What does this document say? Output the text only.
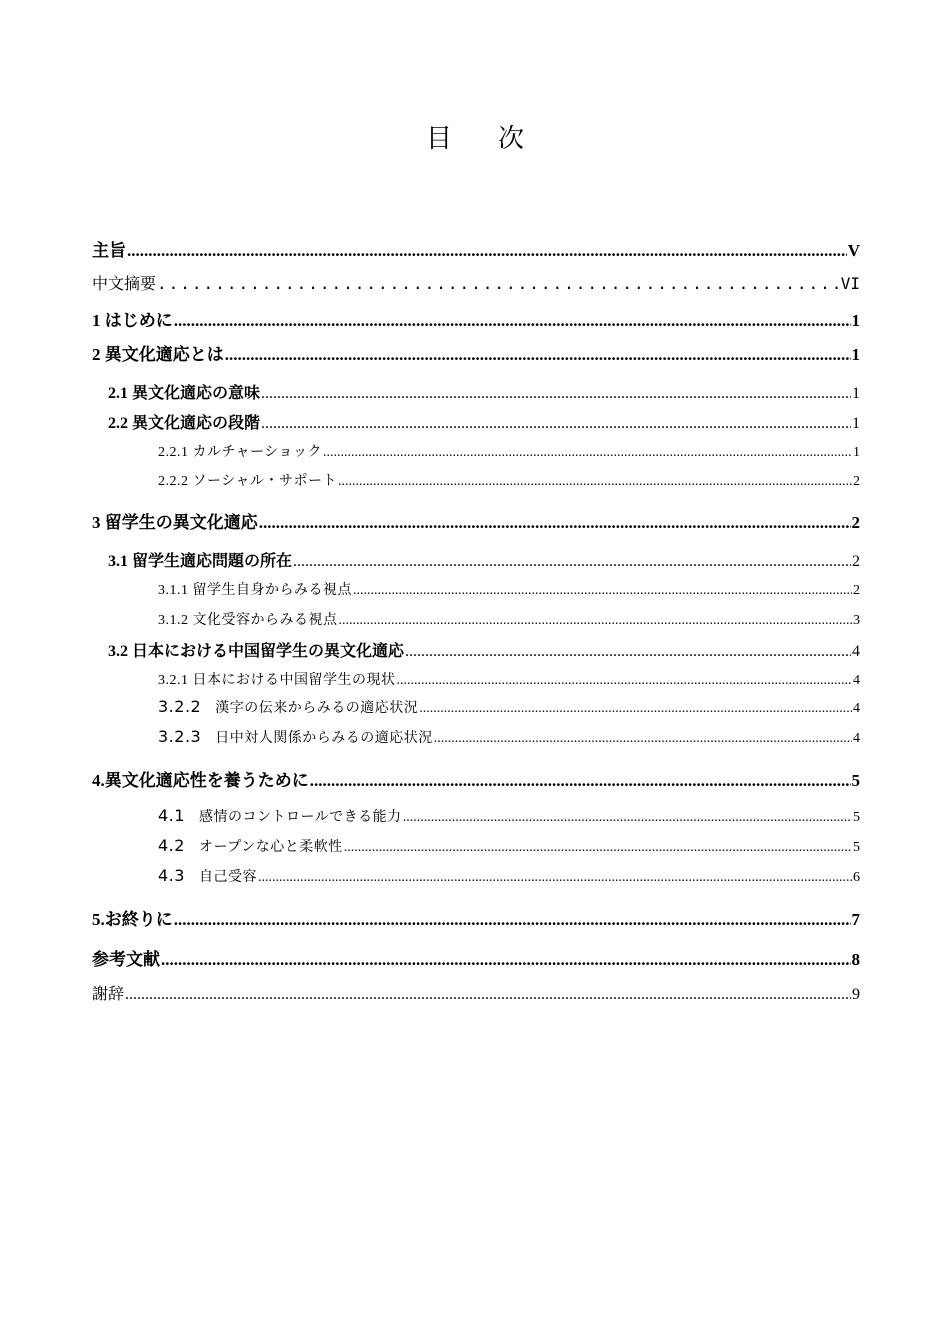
目 次
主旨 .....	V
中文摘要 .....	VI
1 はじめに .....	1
2 異文化適応とは .....	1
2.1 異文化適応の意味 .....	1
2.2 異文化適応の段階 .....	1
2.2.1 カルチャーショック .....	1
2.2.2 ソーシャル・サポート .....	2
3 留学生の異文化適応 .....	2
3.1 留学生適応問題の所在 .....	2
3.1.1 留学生自身からみる視点 .....	2
3.1.2 文化受容からみる視点 .....	3
3.2 日本における中国留学生の異文化適応 .....	4
3.2.1 日本における中国留学生の現状 .....	4
3.2.2 漢字の伝来からみるの適応状況 .....	4
3.2.3 日中対人関係からみるの適応状況 .....	4
4.異文化適応性を養うために .....	5
4.1 感情のコントロールできる能力 .....	5
4.2 オープンな心と柔軟性 .....	5
4.3 自己受容 .....	6
5.お終りに .....	7
参考文献 .....	8
謝辞 .....	9
